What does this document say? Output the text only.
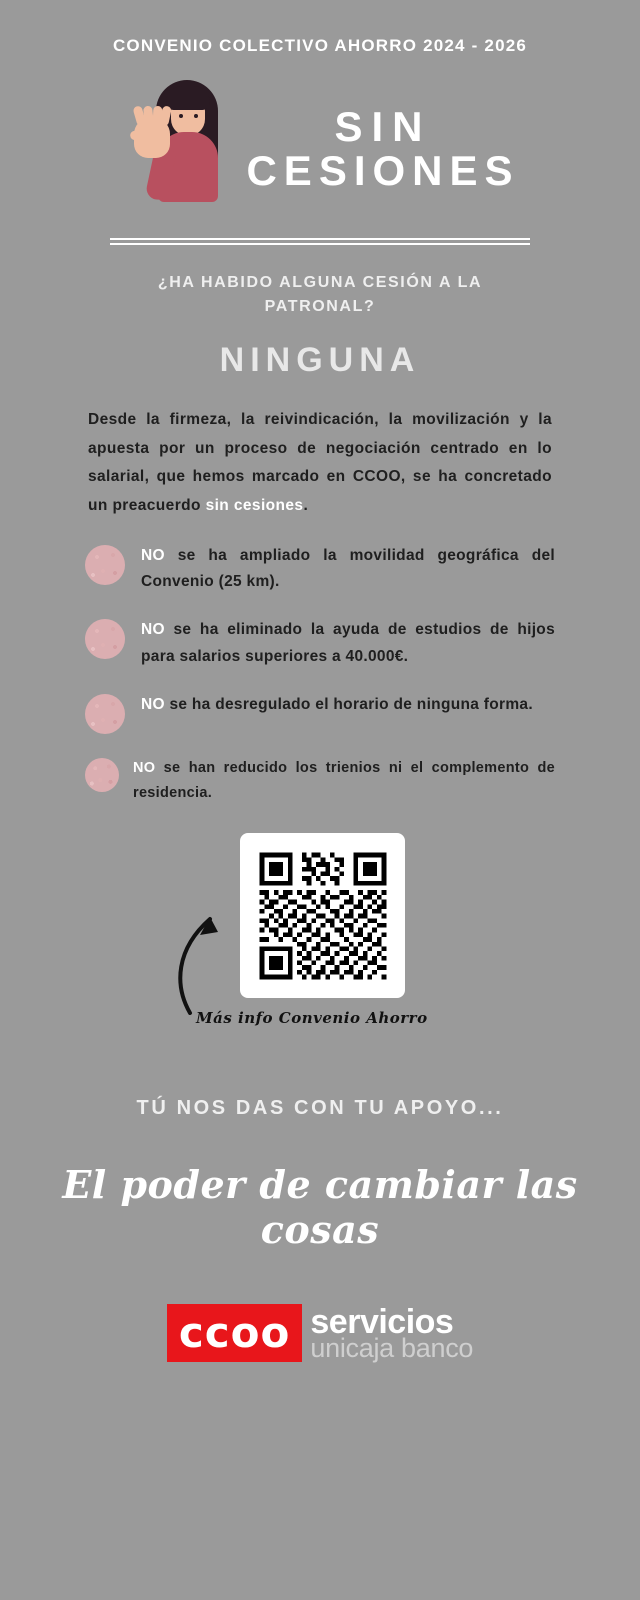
CONVENIO COLECTIVO AHORRO 2024 - 2026
SIN
CESIONES
¿HA HABIDO ALGUNA CESIÓN A LA PATRONAL?
NINGUNA

Desde la firmeza, la reivindicación, la movilización y la apuesta por un proceso de negociación centrado en lo salarial, que hemos marcado en CCOO, se ha concretado un preacuerdo sin cesiones.

NO se ha ampliado la movilidad geográfica del Convenio (25 km).
NO se ha eliminado la ayuda de estudios de hijos para salarios superiores a 40.000€.
NO se ha desregulado el horario de ninguna forma.
NO se han reducido los trienios ni el complemento de residencia.
Más info Convenio Ahorro
TÚ NOS DAS CON TU APOYO...
El poder de cambiar las cosas
ccoo servicios
unicaja banco
